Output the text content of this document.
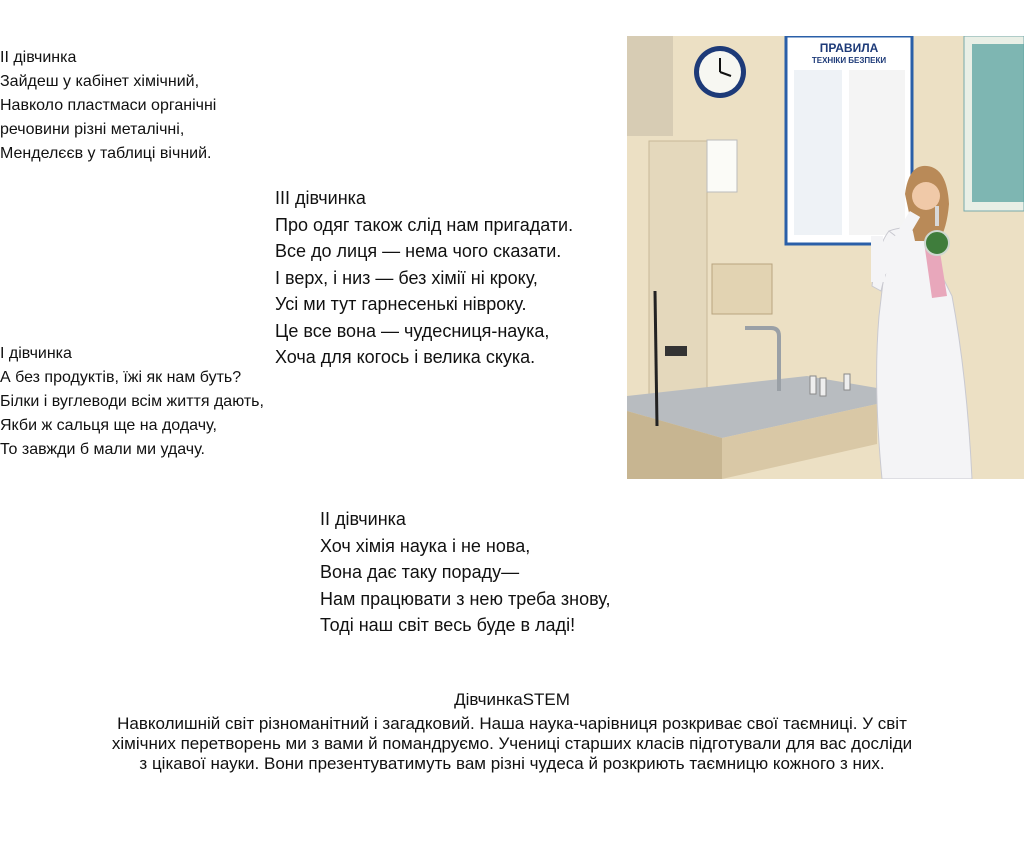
ІІ дівчинка
Зайдеш у кабінет хімічний,
Навколо пластмаси органічні
речовини різні металічні,
Менделєєв у таблиці вічний.
ІІІ дівчинка
Про одяг також слід нам пригадати.
Все до лиця — нема чого сказати.
І верх, і низ — без хімії ні кроку,
Усі ми тут гарнесенькі нівроку.
Це все вона — чудесниця-наука,
Хоча для когось і велика скука.
І дівчинка
А без продуктів, їжі як нам буть?
Білки і вуглеводи всім життя дають,
Якби ж сальця ще на додачу,
То завжди б мали ми удачу.
ІІ дівчинка
Хоч хімія наука і не нова,
Вона дає таку пораду—
Нам працювати з нею треба знову,
Тоді наш світ весь буде в ладі!
ДівчинкаSTEM
Навколишній світ різноманітний і загадковий. Наша наука-чарівниця розкриває свої таємниці. У світ
хімічних перетворень ми з вами й помандруємо. Учениці старших класів підготували для вас досліди
з цікавої науки. Вони презентуватимуть вам різні чудеса й розкриють таємницю кожного з них.
ПРАВИЛА
ТЕХНІКИ БЕЗПЕКИ
